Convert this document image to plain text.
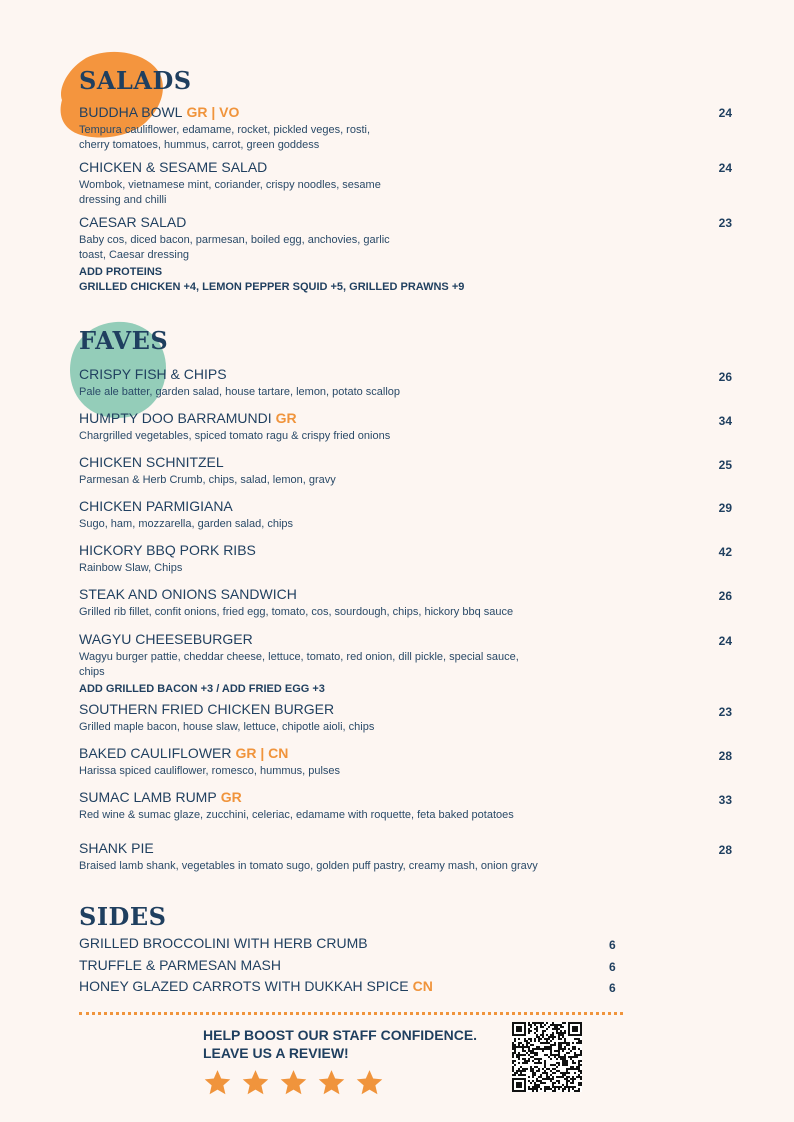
SALADS
BUDDHA BOWL GR | VO
Tempura cauliflower, edamame, rocket, pickled veges, rosti,
cherry tomatoes, hummus, carrot, green goddess
24
CHICKEN & SESAME SALAD
Wombok, vietnamese mint, coriander, crispy noodles, sesame
dressing and chilli
24
CAESAR SALAD
Baby cos, diced bacon, parmesan, boiled egg, anchovies, garlic
toast, Caesar dressing
ADD PROTEINS
GRILLED CHICKEN +4, LEMON PEPPER SQUID +5, GRILLED PRAWNS +9
23
FAVES
CRISPY FISH & CHIPS
Pale ale batter, garden salad, house tartare, lemon, potato scallop
26
HUMPTY DOO BARRAMUNDI GR
Chargrilled vegetables, spiced tomato ragu & crispy fried onions
34
CHICKEN SCHNITZEL
Parmesan & Herb Crumb, chips, salad, lemon, gravy
25
CHICKEN PARMIGIANA
Sugo, ham, mozzarella, garden salad, chips
29
HICKORY BBQ PORK RIBS
Rainbow Slaw, Chips
42
STEAK AND ONIONS SANDWICH
Grilled rib fillet, confit onions, fried egg, tomato, cos, sourdough, chips, hickory bbq sauce
26
WAGYU CHEESEBURGER
Wagyu burger pattie, cheddar cheese, lettuce, tomato, red onion, dill pickle, special sauce,
chips
ADD GRILLED BACON +3 / ADD FRIED EGG +3
24
SOUTHERN FRIED CHICKEN BURGER
Grilled maple bacon, house slaw, lettuce, chipotle aioli, chips
23
BAKED CAULIFLOWER GR | CN
Harissa spiced cauliflower, romesco, hummus, pulses
28
SUMAC LAMB RUMP GR
Red wine & sumac glaze, zucchini, celeriac, edamame with roquette, feta baked potatoes
33
SHANK PIE
Braised lamb shank, vegetables in tomato sugo, golden puff pastry, creamy mash, onion gravy
28
SIDES
GRILLED BROCCOLINI WITH HERB CRUMB	6
TRUFFLE & PARMESAN MASH	6
HONEY GLAZED CARROTS WITH DUKKAH SPICE CN	6
HELP BOOST OUR STAFF CONFIDENCE.
LEAVE US A REVIEW!
